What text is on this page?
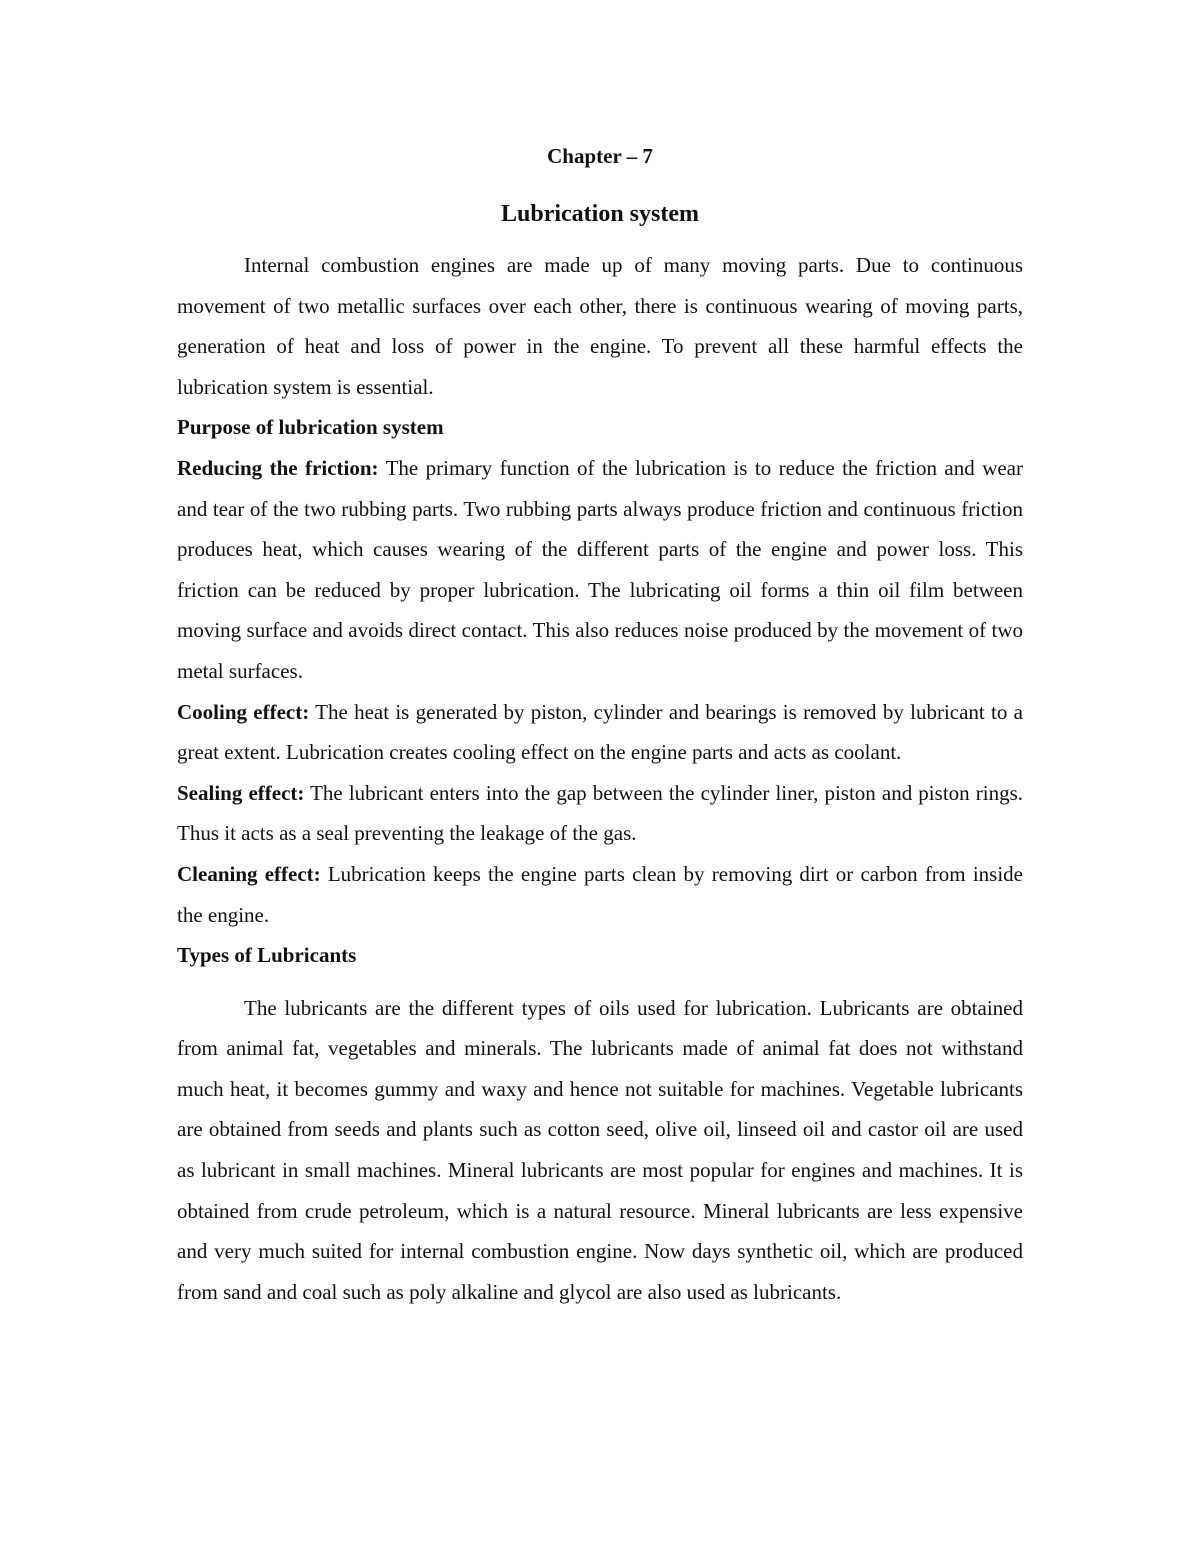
Chapter – 7
Lubrication system

Internal combustion engines are made up of many moving parts. Due to continuous movement of two metallic surfaces over each other, there is continuous wearing of moving parts, generation of heat and loss of power in the engine. To prevent all these harmful effects the lubrication system is essential.

Purpose of lubrication system

Reducing the friction: The primary function of the lubrication is to reduce the friction and wear and tear of the two rubbing parts. Two rubbing parts always produce friction and continuous friction produces heat, which causes wearing of the different parts of the engine and power loss. This friction can be reduced by proper lubrication. The lubricating oil forms a thin oil film between moving surface and avoids direct contact. This also reduces noise produced by the movement of two metal surfaces.

Cooling effect: The heat is generated by piston, cylinder and bearings is removed by lubricant to a great extent. Lubrication creates cooling effect on the engine parts and acts as coolant.

Sealing effect: The lubricant enters into the gap between the cylinder liner, piston and piston rings. Thus it acts as a seal preventing the leakage of the gas.

Cleaning effect: Lubrication keeps the engine parts clean by removing dirt or carbon from inside the engine.

Types of Lubricants

The lubricants are the different types of oils used for lubrication. Lubricants are obtained from animal fat, vegetables and minerals. The lubricants made of animal fat does not withstand much heat, it becomes gummy and waxy and hence not suitable for machines. Vegetable lubricants are obtained from seeds and plants such as cotton seed, olive oil, linseed oil and castor oil are used as lubricant in small machines. Mineral lubricants are most popular for engines and machines. It is obtained from crude petroleum, which is a natural resource. Mineral lubricants are less expensive and very much suited for internal combustion engine. Now days synthetic oil, which are produced from sand and coal such as poly alkaline and glycol are also used as lubricants.
